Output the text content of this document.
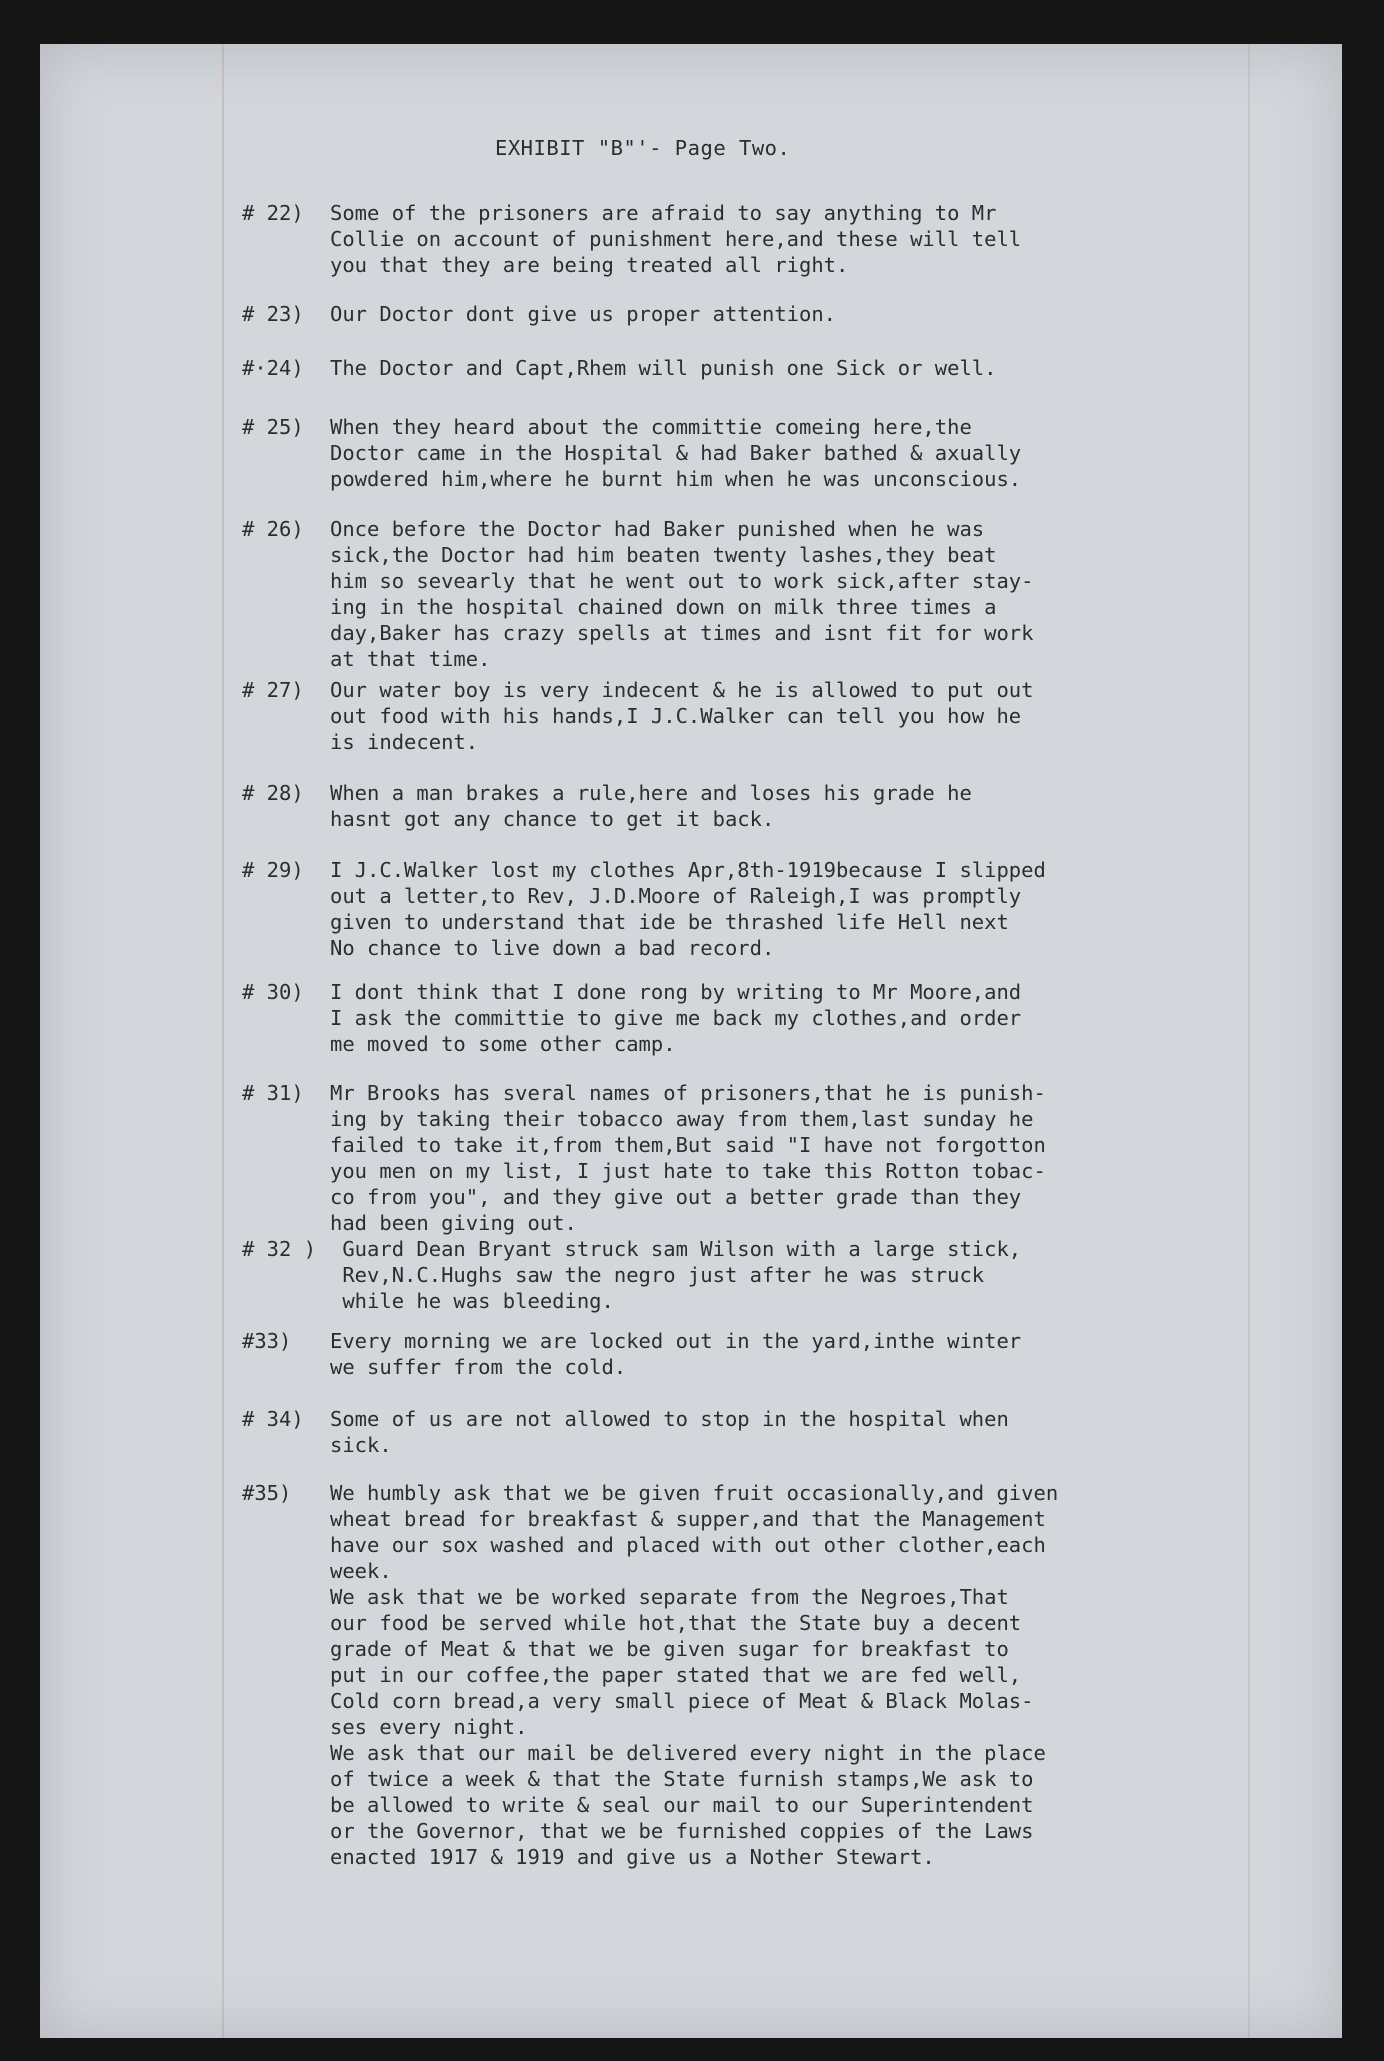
EXHIBIT "B"'- Page Two.
# 22) Some of the prisoners are afraid to say anything to Mr
Collie on account of punishment here,and these will tell
you that they are being treated all right.
# 23) Our Doctor dont give us proper attention.
#·24) The Doctor and Capt,Rhem will punish one Sick or well.
# 25) When they heard about the committie comeing here,the
Doctor came in the Hospital & had Baker bathed & axually
powdered him,where he burnt him when he was unconscious.
# 26) Once before the Doctor had Baker punished when he was
sick,the Doctor had him beaten twenty lashes,they beat
him so sevearly that he went out to work sick,after stay-
ing in the hospital chained down on milk three times a
day,Baker has crazy spells at times and isnt fit for work
at that time.
# 27) Our water boy is very indecent & he is allowed to put out
out food with his hands,I J.C.Walker can tell you how he
is indecent.
# 28) When a man brakes a rule,here and loses his grade he
hasnt got any chance to get it back.
# 29) I J.C.Walker lost my clothes Apr,8th-1919because I slipped
out a letter,to Rev, J.D.Moore of Raleigh,I was promptly
given to understand that ide be thrashed life Hell next
No chance to live down a bad record.
# 30) I dont think that I done rong by writing to Mr Moore,and
I ask the committie to give me back my clothes,and order
me moved to some other camp.
# 31) Mr Brooks has sveral names of prisoners,that he is punish-
ing by taking their tobacco away from them,last sunday he
failed to take it,from them,But said "I have not forgotton
you men on my list, I just hate to take this Rotton tobac-
co from you", and they give out a better grade than they
had been giving out.
# 32 ) Guard Dean Bryant struck sam Wilson with a large stick,
Rev,N.C.Hughs saw the negro just after he was struck
while he was bleeding.
#33) Every morning we are locked out in the yard,inthe winter
we suffer from the cold.
# 34) Some of us are not allowed to stop in the hospital when
sick.
#35) We humbly ask that we be given fruit occasionally,and given
wheat bread for breakfast & supper,and that the Management
have our sox washed and placed with out other clother,each
week.
We ask that we be worked separate from the Negroes,That
our food be served while hot,that the State buy a decent
grade of Meat & that we be given sugar for breakfast to
put in our coffee,the paper stated that we are fed well,
Cold corn bread,a very small piece of Meat & Black Molas-
ses every night.
We ask that our mail be delivered every night in the place
of twice a week & that the State furnish stamps,We ask to
be allowed to write & seal our mail to our Superintendent
or the Governor, that we be furnished coppies of the Laws
enacted 1917 & 1919 and give us a Nother Stewart.
